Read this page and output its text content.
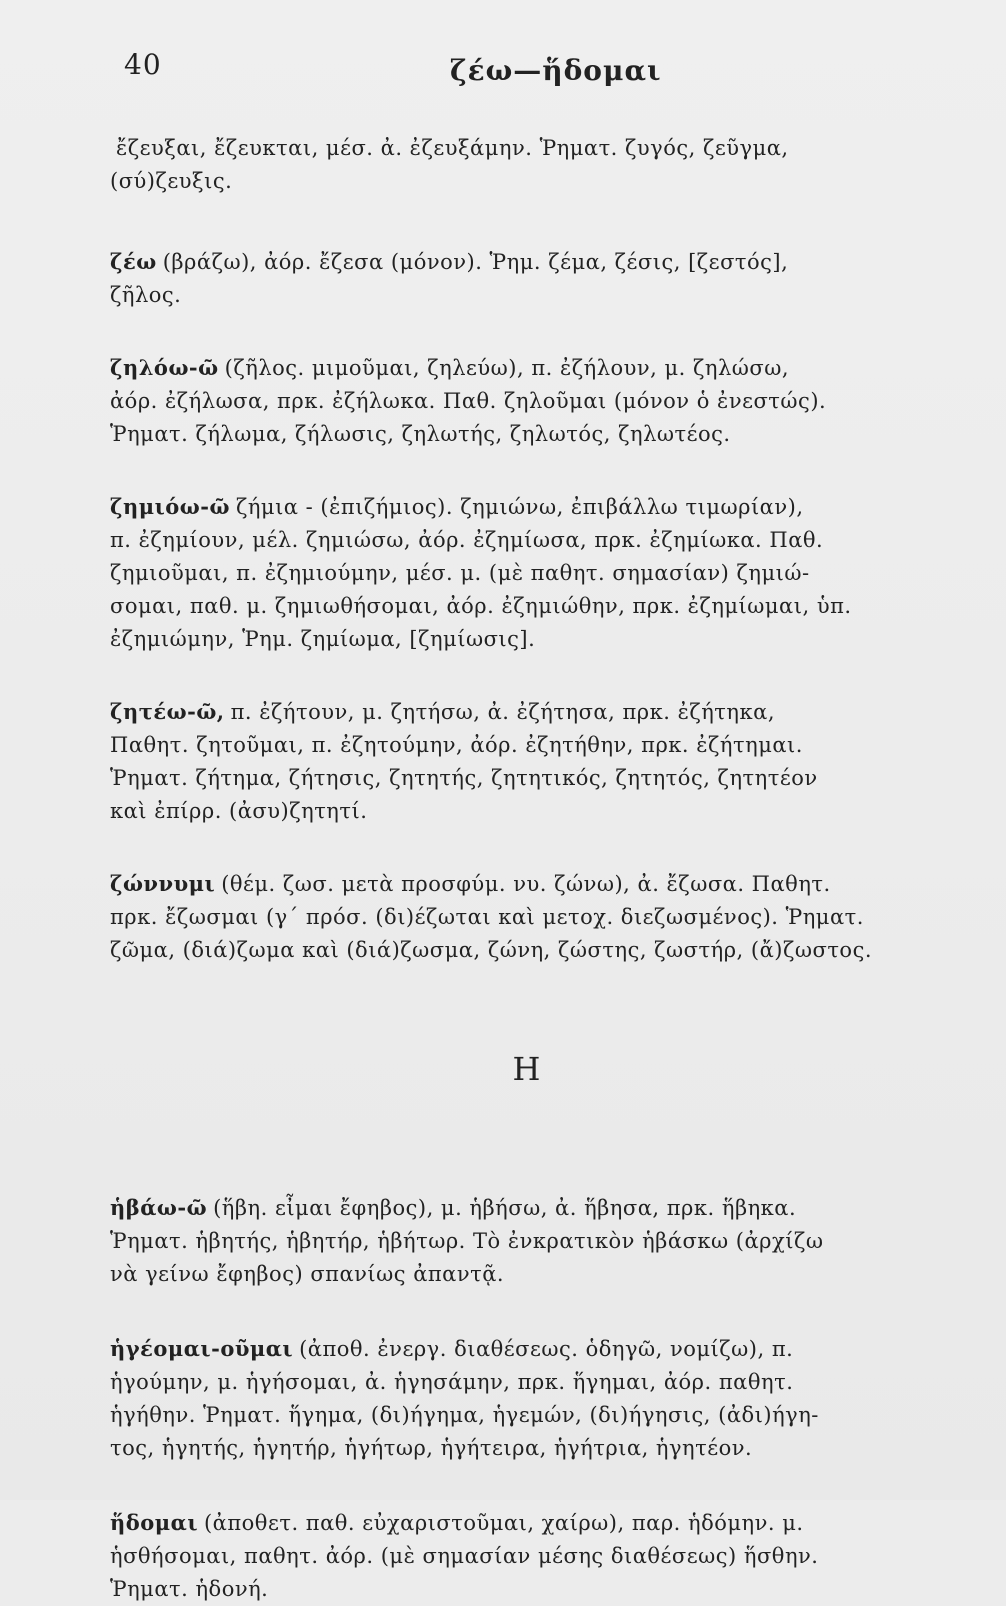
40	ζέω—ἥδομαι

ἔζευξαι, ἔζευκται, μέσ. ἀ. ἐζευξάμην. Ῥηματ. ζυγός, ζεῦγμα,
(σύ)ζευξις.

ζέω (βράζω), ἀόρ. ἔζεσα (μόνον). Ῥημ. ζέμα, ζέσις, [ζεστός],
ζῆλος.

ζηλόω-ῶ (ζῆλος. μιμοῦμαι, ζηλεύω), π. ἐζήλουν, μ. ζηλώσω,
ἀόρ. ἐζήλωσα, πρκ. ἐζήλωκα. Παθ. ζηλοῦμαι (μόνον ὁ ἐνεστώς).
Ῥηματ. ζήλωμα, ζήλωσις, ζηλωτής, ζηλωτός, ζηλωτέος.

ζημιόω-ῶ ζήμια - (ἐπιζήμιος). ζημιώνω, ἐπιβάλλω τιμωρίαν),
π. ἐζημίουν, μέλ. ζημιώσω, ἀόρ. ἐζημίωσα, πρκ. ἐζημίωκα. Παθ.
ζημιοῦμαι, π. ἐζημιούμην, μέσ. μ. (μὲ παθητ. σημασίαν) ζημιώ-
σομαι, παθ. μ. ζημιωθήσομαι, ἀόρ. ἐζημιώθην, πρκ. ἐζημίωμαι, ὑπ.
ἐζημιώμην, Ῥημ. ζημίωμα, [ζημίωσις].

ζητέω-ῶ, π. ἐζήτουν, μ. ζητήσω, ἀ. ἐζήτησα, πρκ. ἐζήτηκα,
Παθητ. ζητοῦμαι, π. ἐζητούμην, ἀόρ. ἐζητήθην, πρκ. ἐζήτημαι.
Ῥηματ. ζήτημα, ζήτησις, ζητητής, ζητητικός, ζητητός, ζητητέον
καὶ ἐπίρρ. (ἀσυ)ζητητί.

ζώννυμι (θέμ. ζωσ. μετὰ προσφύμ. νυ. ζώνω), ἀ. ἔζωσα. Παθητ.
πρκ. ἔζωσμαι (γ΄ πρόσ. (δι)έζωται καὶ μετοχ. διεζωσμένος). Ῥηματ.
ζῶμα, (διά)ζωμα καὶ (διά)ζωσμα, ζώνη, ζώστης, ζωστήρ, (ἄ)ζωστος.

Η

ἡβάω-ῶ (ἥβη. εἶμαι ἔφηβος), μ. ἡβήσω, ἀ. ἥβησα, πρκ. ἥβηκα.
Ῥηματ. ἡβητής, ἡβητήρ, ἡβήτωρ. Τὸ ἐνκρατικὸν ἡβάσκω (ἀρχίζω
νὰ γείνω ἔφηβος) σπανίως ἀπαντᾷ.

ἡγέομαι-οῦμαι (ἀποθ. ἐνεργ. διαθέσεως. ὁδηγῶ, νομίζω), π.
ἡγούμην, μ. ἡγήσομαι, ἀ. ἡγησάμην, πρκ. ἥγημαι, ἀόρ. παθητ.
ἡγήθην. Ῥηματ. ἥγημα, (δι)ήγημα, ἡγεμών, (δι)ήγησις, (ἀδι)ήγη-
τος, ἡγητής, ἡγητήρ, ἡγήτωρ, ἡγήτειρα, ἡγήτρια, ἡγητέον.

ἥδομαι (ἀποθετ. παθ. εὐχαριστοῦμαι, χαίρω), παρ. ἡδόμην. μ.
ἡσθήσομαι, παθητ. ἀόρ. (μὲ σημασίαν μέσης διαθέσεως) ἥσθην.
Ῥηματ. ἡδονή.
